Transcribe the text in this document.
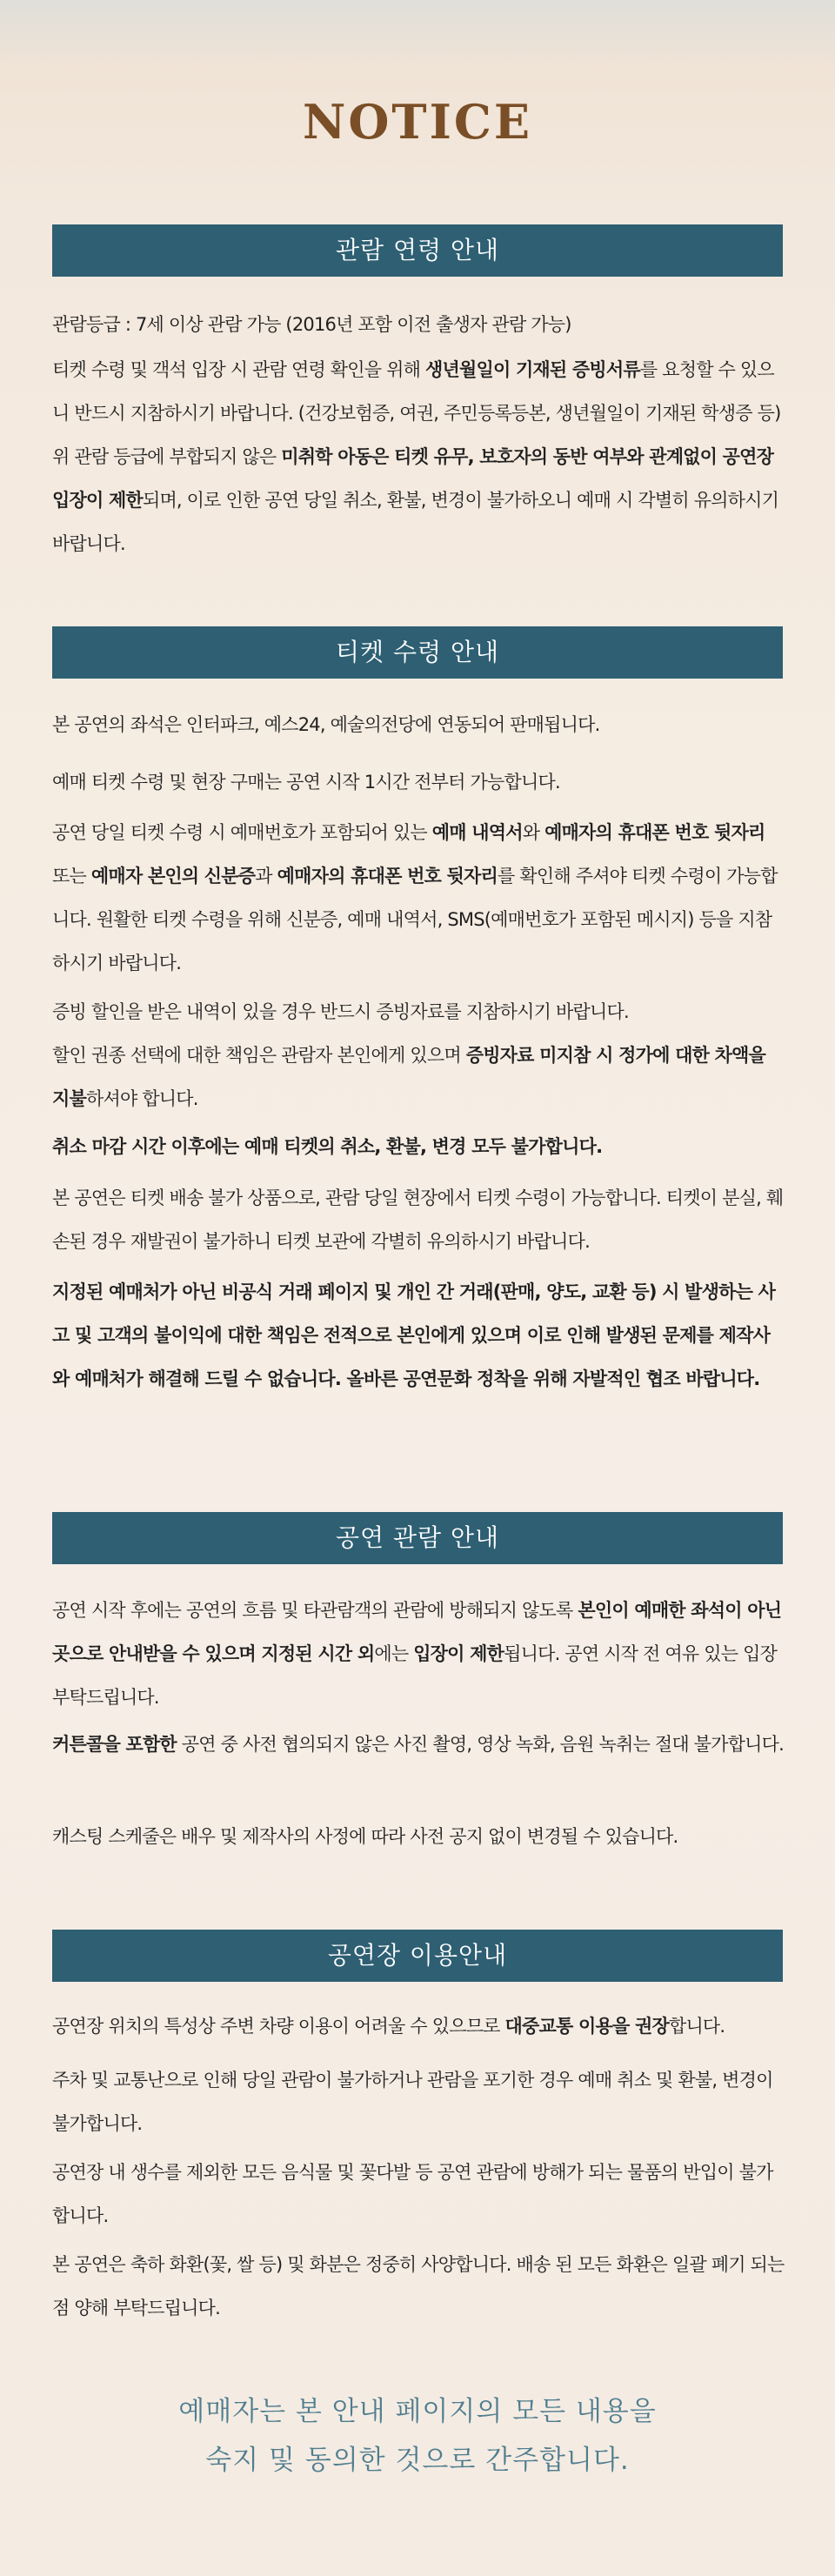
NOTICE
관람 연령 안내

관람등급 : 7세 이상 관람 가능 (2016년 포함 이전 출생자 관람 가능)

티켓 수령 및 객석 입장 시 관람 연령 확인을 위해 생년월일이 기재된 증빙서류를 요청할 수 있으니 반드시 지참하시기 바랍니다. (건강보험증, 여권, 주민등록등본, 생년월일이 기재된 학생증 등) 위 관람 등급에 부합되지 않은 미취학 아동은 티켓 유무, 보호자의 동반 여부와 관계없이 공연장 입장이 제한되며, 이로 인한 공연 당일 취소, 환불, 변경이 불가하오니 예매 시 각별히 유의하시기 바랍니다.

티켓 수령 안내

본 공연의 좌석은 인터파크, 예스24, 예술의전당에 연동되어 판매됩니다.

예매 티켓 수령 및 현장 구매는 공연 시작 1시간 전부터 가능합니다.

공연 당일 티켓 수령 시 예매번호가 포함되어 있는 예매 내역서와 예매자의 휴대폰 번호 뒷자리 또는 예매자 본인의 신분증과 예매자의 휴대폰 번호 뒷자리를 확인해 주셔야 티켓 수령이 가능합니다. 원활한 티켓 수령을 위해 신분증, 예매 내역서, SMS(예매번호가 포함된 메시지) 등을 지참하시기 바랍니다.

증빙 할인을 받은 내역이 있을 경우 반드시 증빙자료를 지참하시기 바랍니다.
할인 권종 선택에 대한 책임은 관람자 본인에게 있으며 증빙자료 미지참 시 정가에 대한 차액을 지불하셔야 합니다.

취소 마감 시간 이후에는 예매 티켓의 취소, 환불, 변경 모두 불가합니다.

본 공연은 티켓 배송 불가 상품으로, 관람 당일 현장에서 티켓 수령이 가능합니다. 티켓이 분실, 훼손된 경우 재발권이 불가하니 티켓 보관에 각별히 유의하시기 바랍니다.

지정된 예매처가 아닌 비공식 거래 페이지 및 개인 간 거래(판매, 양도, 교환 등) 시 발생하는 사고 및 고객의 불이익에 대한 책임은 전적으로 본인에게 있으며 이로 인해 발생된 문제를 제작사와 예매처가 해결해 드릴 수 없습니다. 올바른 공연문화 정착을 위해 자발적인 협조 바랍니다.

공연 관람 안내

공연 시작 후에는 공연의 흐름 및 타관람객의 관람에 방해되지 않도록 본인이 예매한 좌석이 아닌 곳으로 안내받을 수 있으며 지정된 시간 외에는 입장이 제한됩니다. 공연 시작 전 여유 있는 입장 부탁드립니다.

커튼콜을 포함한 공연 중 사전 협의되지 않은 사진 촬영, 영상 녹화, 음원 녹취는 절대 불가합니다.

캐스팅 스케줄은 배우 및 제작사의 사정에 따라 사전 공지 없이 변경될 수 있습니다.

공연장 이용안내

공연장 위치의 특성상 주변 차량 이용이 어려울 수 있으므로 대중교통 이용을 권장합니다.

주차 및 교통난으로 인해 당일 관람이 불가하거나 관람을 포기한 경우 예매 취소 및 환불, 변경이 불가합니다.

공연장 내 생수를 제외한 모든 음식물 및 꽃다발 등 공연 관람에 방해가 되는 물품의 반입이 불가합니다.

본 공연은 축하 화환(꽃, 쌀 등) 및 화분은 정중히 사양합니다. 배송 된 모든 화환은 일괄 폐기 되는 점 양해 부탁드립니다.

예매자는 본 안내 페이지의 모든 내용을
숙지 및 동의한 것으로 간주합니다.
